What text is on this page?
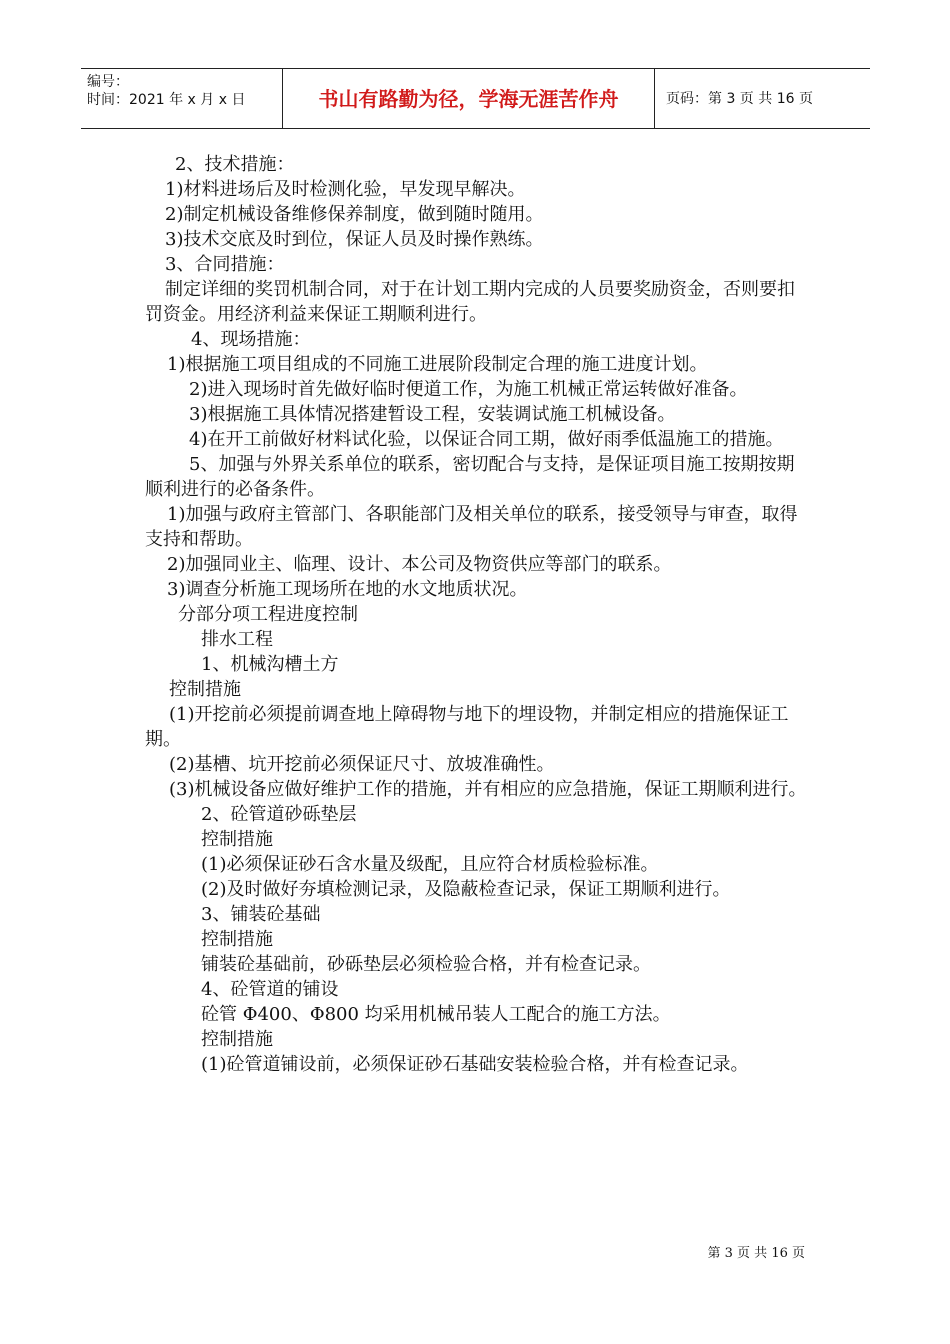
编号：
时间：2021 年 x 月 x 日	书山有路勤为径，学海无涯苦作舟	页码：第 3 页 共 16 页

2、技术措施：

1)材料进场后及时检测化验，早发现早解决。

2)制定机械设备维修保养制度，做到随时随用。

3)技术交底及时到位，保证人员及时操作熟练。

3、合同措施：

制定详细的奖罚机制合同，对于在计划工期内完成的人员要奖励资金，否则要扣罚资金。用经济利益来保证工期顺利进行。

4、现场措施：

1)根据施工项目组成的不同施工进展阶段制定合理的施工进度计划。

2)进入现场时首先做好临时便道工作，为施工机械正常运转做好准备。

3)根据施工具体情况搭建暂设工程，安装调试施工机械设备。

4)在开工前做好材料试化验，以保证合同工期，做好雨季低温施工的措施。

5、加强与外界关系单位的联系，密切配合与支持，是保证项目施工按期按期顺利进行的必备条件。

1)加强与政府主管部门、各职能部门及相关单位的联系，接受领导与审查，取得支持和帮助。

2)加强同业主、临理、设计、本公司及物资供应等部门的联系。

3)调查分析施工现场所在地的水文地质状况。

分部分项工程进度控制

排水工程

1、机械沟槽土方

控制措施

(1)开挖前必须提前调查地上障碍物与地下的埋设物，并制定相应的措施保证工期。

(2)基槽、坑开挖前必须保证尺寸、放坡准确性。

(3)机械设备应做好维护工作的措施，并有相应的应急措施，保证工期顺利进行。

2、砼管道砂砾垫层

控制措施

(1)必须保证砂石含水量及级配，且应符合材质检验标准。

(2)及时做好夯填检测记录，及隐蔽检查记录，保证工期顺利进行。

3、铺装砼基础

控制措施

铺装砼基础前，砂砾垫层必须检验合格，并有检查记录。

4、砼管道的铺设

砼管 Φ400、Φ800 均采用机械吊装人工配合的施工方法。

控制措施

(1)砼管道铺设前，必须保证砂石基础安装检验合格，并有检查记录。

第 3 页 共 16 页
